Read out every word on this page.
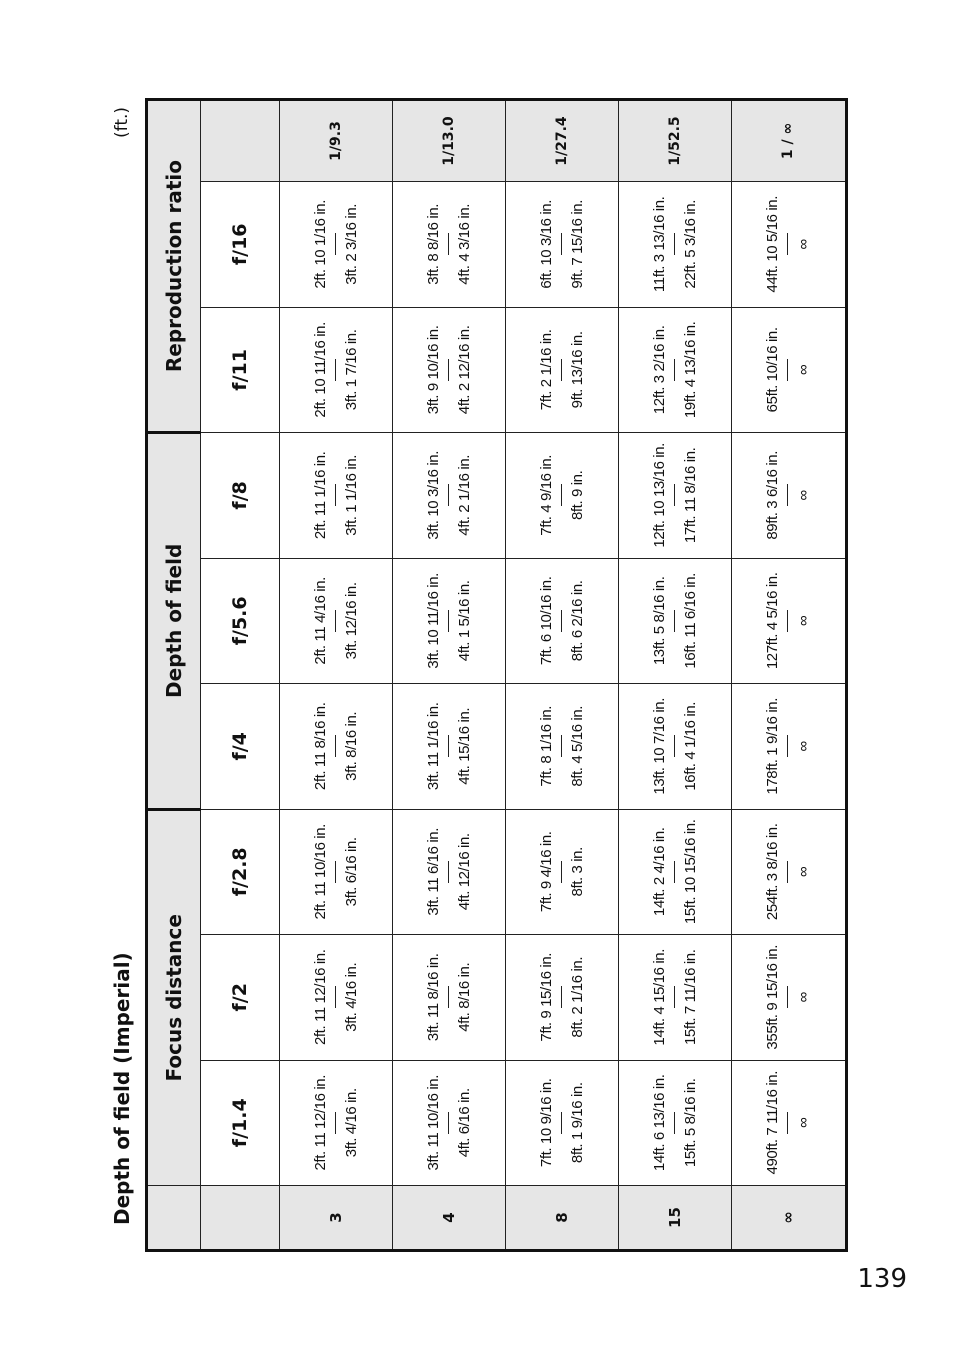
Depth of field (Imperial)
(ft.)
139
	Focus distance			Depth of field			Reproduction ratio		
	f/1.4	f/2	f/2.8	f/4	f/5.6	f/8	f/11	f/16	
3	2ft. 11 12/16 in. 3ft. 4/16 in.	2ft. 11 12/16 in. 3ft. 4/16 in.	2ft. 11 10/16 in. 3ft. 6/16 in.	2ft. 11 8/16 in. 3ft. 8/16 in.	2ft. 11 4/16 in. 3ft. 12/16 in.	2ft. 11 1/16 in. 3ft. 1 1/16 in.	2ft. 10 11/16 in. 3ft. 1 7/16 in.	2ft. 10 1/16 in. 3ft. 2 3/16 in.	1/9.3
4	3ft. 11 10/16 in. 4ft. 6/16 in.	3ft. 11 8/16 in. 4ft. 8/16 in.	3ft. 11 6/16 in. 4ft. 12/16 in.	3ft. 11 1/16 in. 4ft. 15/16 in.	3ft. 10 11/16 in. 4ft. 1 5/16 in.	3ft. 10 3/16 in. 4ft. 2 1/16 in.	3ft. 9 10/16 in. 4ft. 2 12/16 in.	3ft. 8 8/16 in. 4ft. 4 3/16 in.	1/13.0
8	7ft. 10 9/16 in. 8ft. 1 9/16 in.	7ft. 9 15/16 in. 8ft. 2 1/16 in.	7ft. 9 4/16 in. 8ft. 3 in.	7ft. 8 1/16 in. 8ft. 4 5/16 in.	7ft. 6 10/16 in. 8ft. 6 2/16 in.	7ft. 4 9/16 in. 8ft. 9 in.	7ft. 2 1/16 in. 9ft. 13/16 in.	6ft. 10 3/16 in. 9ft. 7 15/16 in.	1/27.4
15	14ft. 6 13/16 in. 15ft. 5 8/16 in.	14ft. 4 15/16 in. 15ft. 7 11/16 in.	14ft. 2 4/16 in. 15ft. 10 15/16 in.	13ft. 10 7/16 in. 16ft. 4 1/16 in.	13ft. 5 8/16 in. 16ft. 11 6/16 in.	12ft. 10 13/16 in. 17ft. 11 8/16 in.	12ft. 3 2/16 in. 19ft. 4 13/16 in.	11ft. 3 13/16 in. 22ft. 5 3/16 in.	1/52.5
∞	490ft. 7 11/16 in. ∞	355ft. 9 15/16 in. ∞	254ft. 3 8/16 in. ∞	178ft. 1 9/16 in. ∞	127ft. 4 5/16 in. ∞	89ft. 3 6/16 in. ∞	65ft. 10/16 in. ∞	44ft. 10 5/16 in. ∞	1 / ∞
